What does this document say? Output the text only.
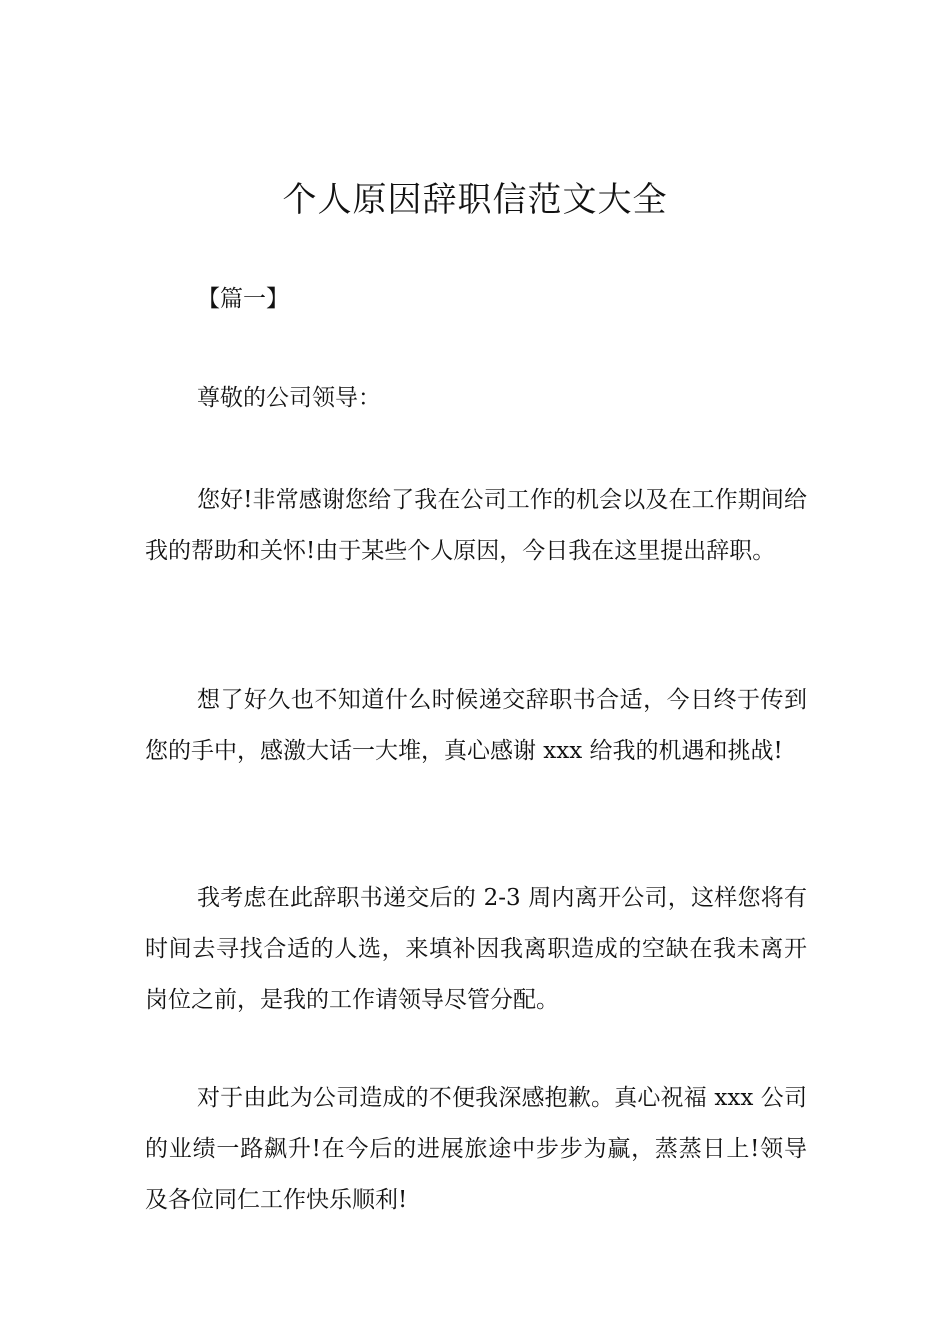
个人原因辞职信范文大全

【篇一】

尊敬的公司领导：

您好!非常感谢您给了我在公司工作的机会以及在工作期间给我的帮助和关怀!由于某些个人原因，今日我在这里提出辞职。

想了好久也不知道什么时候递交辞职书合适，今日终于传到您的手中，感激大话一大堆，真心感谢 xxx 给我的机遇和挑战!

我考虑在此辞职书递交后的 2-3 周内离开公司，这样您将有时间去寻找合适的人选，来填补因我离职造成的空缺在我未离开岗位之前，是我的工作请领导尽管分配。

对于由此为公司造成的不便我深感抱歉。真心祝福 xxx 公司的业绩一路飙升!在今后的进展旅途中步步为赢，蒸蒸日上!领导及各位同仁工作快乐顺利!
